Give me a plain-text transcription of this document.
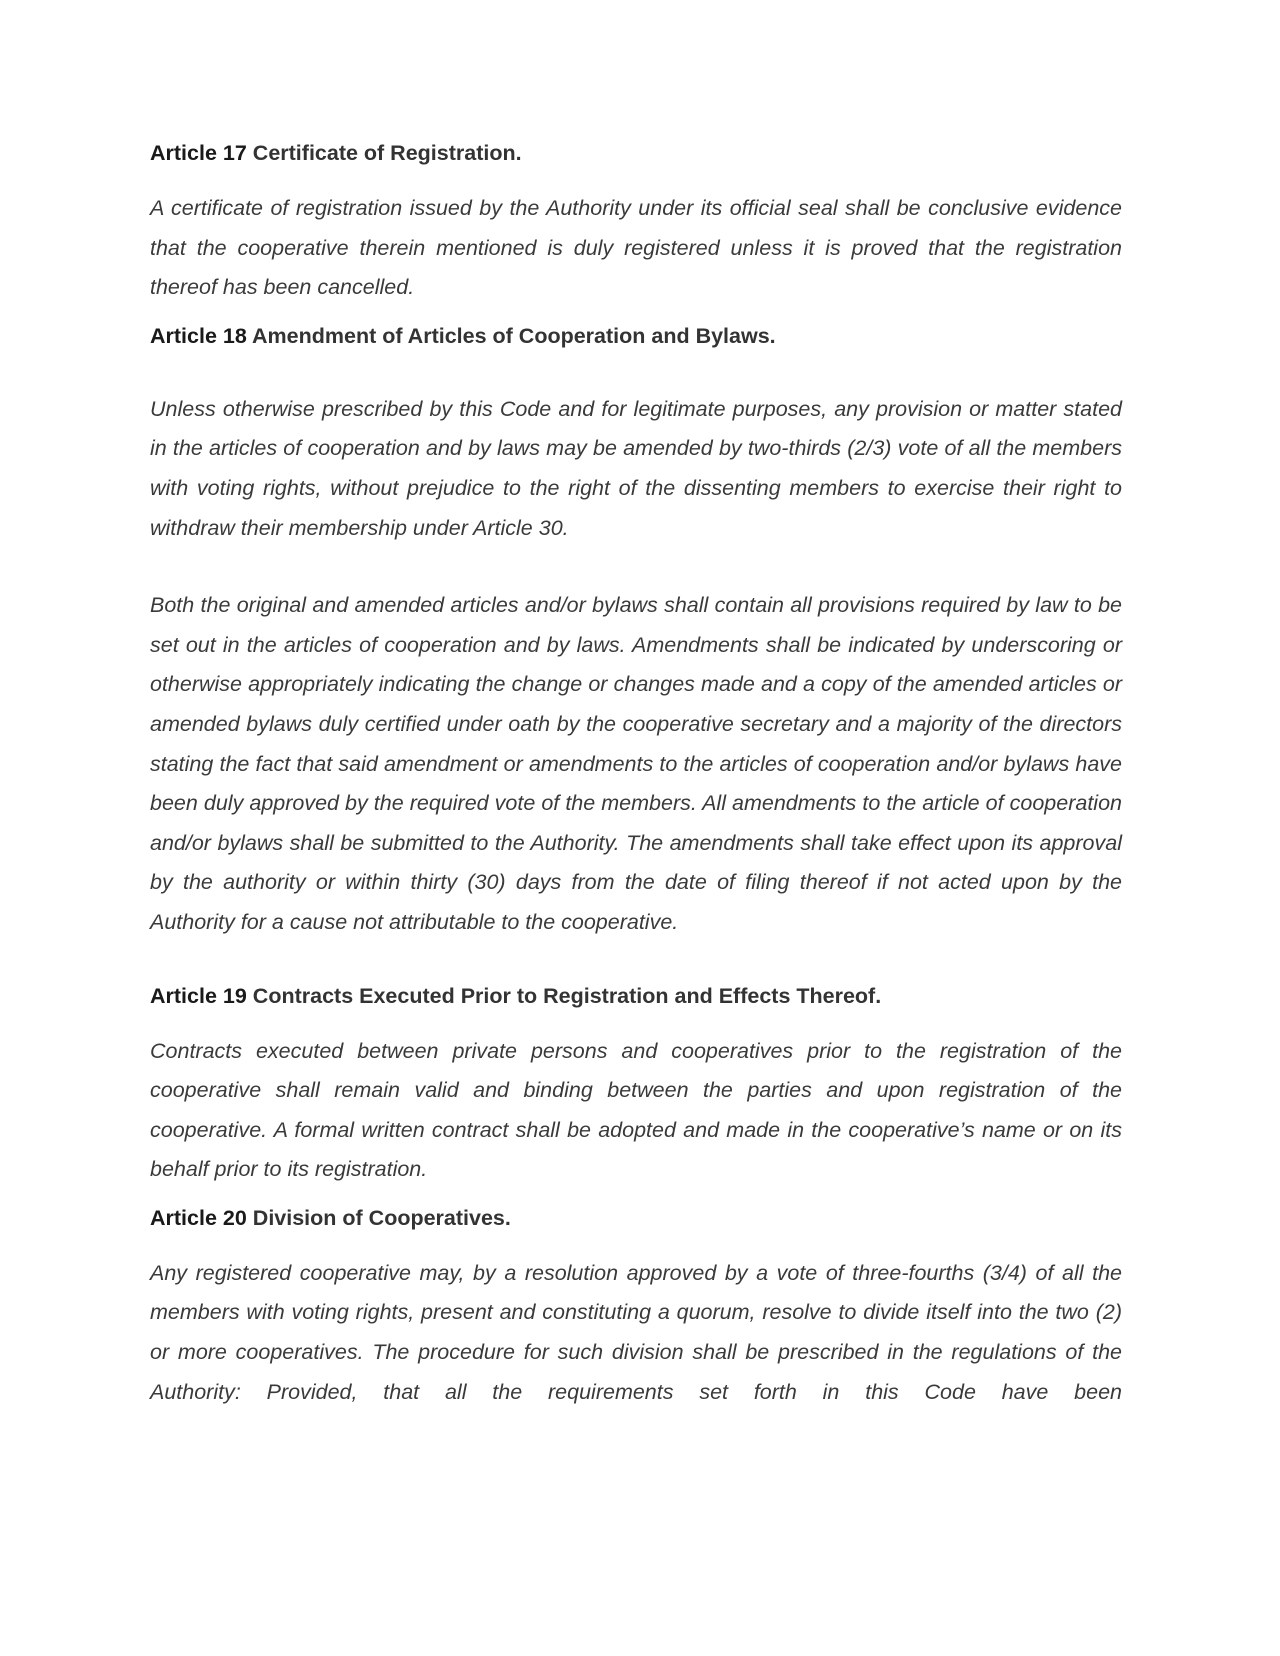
Article 17 Certificate of Registration.

A certificate of registration issued by the Authority under its official seal shall be conclusive evidence that the cooperative therein mentioned is duly registered unless it is proved that the registration thereof has been cancelled.

Article 18 Amendment of Articles of Cooperation and Bylaws.

Unless otherwise prescribed by this Code and for legitimate purposes, any provision or matter stated in the articles of cooperation and by laws may be amended by two-thirds (2/3) vote of all the members with voting rights, without prejudice to the right of the dissenting members to exercise their right to withdraw their membership under Article 30.

Both the original and amended articles and/or bylaws shall contain all provisions required by law to be set out in the articles of cooperation and by laws. Amendments shall be indicated by underscoring or otherwise appropriately indicating the change or changes made and a copy of the amended articles or amended bylaws duly certified under oath by the cooperative secretary and a majority of the directors stating the fact that said amendment or amendments to the articles of cooperation and/or bylaws have been duly approved by the required vote of the members. All amendments to the article of cooperation and/or bylaws shall be submitted to the Authority. The amendments shall take effect upon its approval by the authority or within thirty (30) days from the date of filing thereof if not acted upon by the Authority for a cause not attributable to the cooperative.

Article 19 Contracts Executed Prior to Registration and Effects Thereof.

Contracts executed between private persons and cooperatives prior to the registration of the cooperative shall remain valid and binding between the parties and upon registration of the cooperative. A formal written contract shall be adopted and made in the cooperative’s name or on its behalf prior to its registration.

Article 20 Division of Cooperatives.

Any registered cooperative may, by a resolution approved by a vote of three-fourths (3/4) of all the members with voting rights, present and constituting a quorum, resolve to divide itself into the two (2) or more cooperatives. The procedure for such division shall be prescribed in the regulations of the Authority: Provided, that all the requirements set forth in this Code have been
